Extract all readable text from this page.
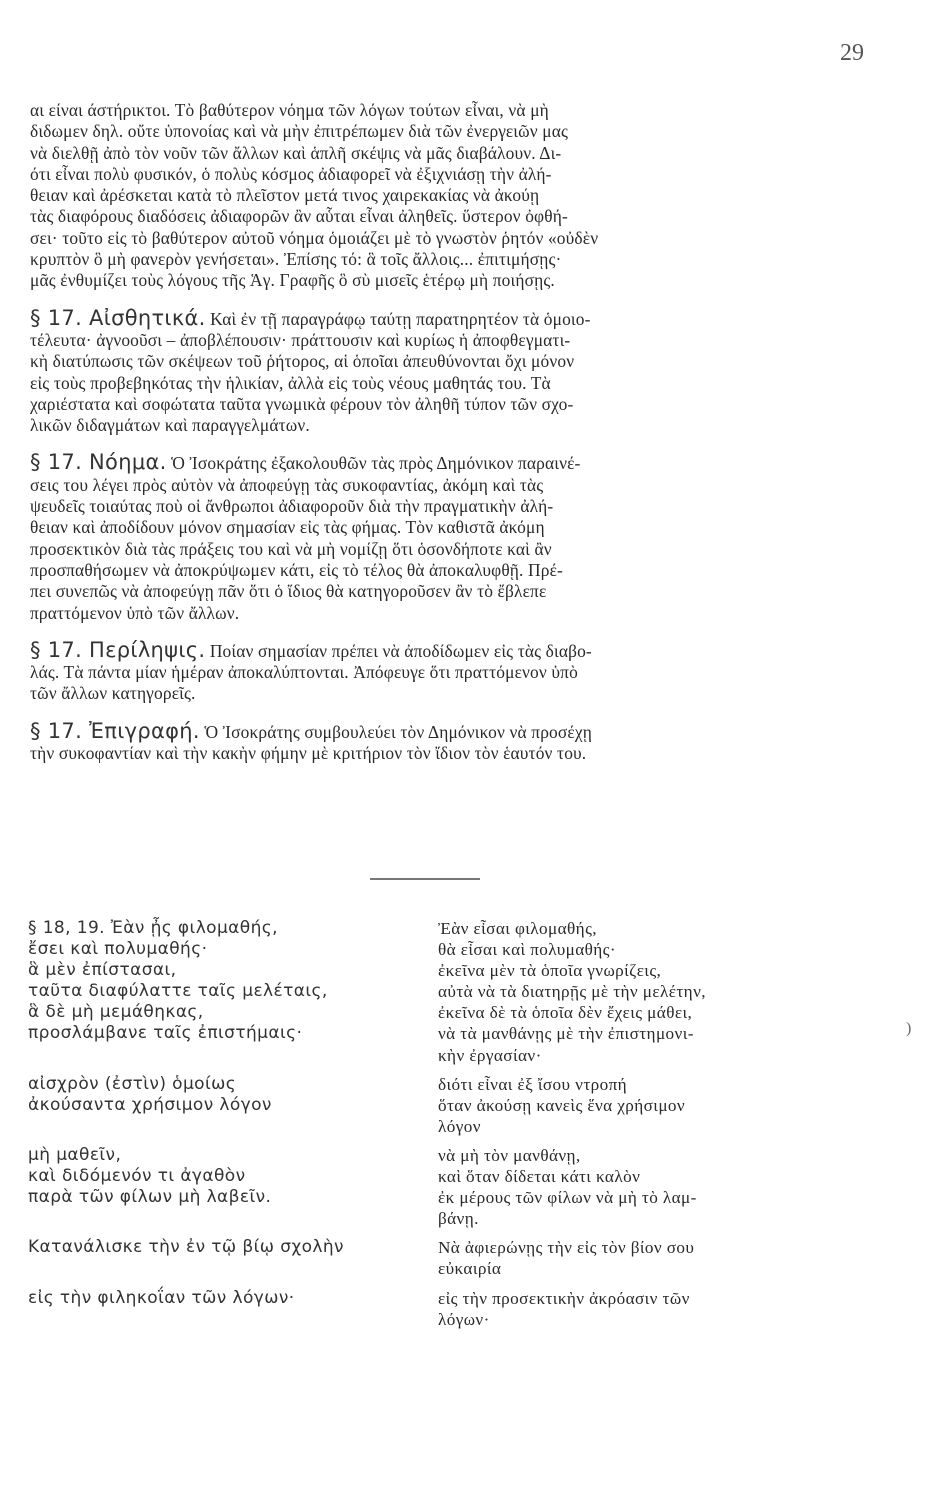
29
αι είναι άστήρικτοι. Τὸ βαθύτερον νόημα τῶν λόγων τούτων εἶναι, νὰ μὴ
διδωμεν δηλ. οὔτε ὑπονοίας καὶ νὰ μὴν ἐπιτρέπωμεν διὰ τῶν ἐνεργειῶν μας
νὰ διελθῇ ἀπὸ τὸν νοῦν τῶν ἄλλων καὶ ἁπλῆ σκέψις νὰ μᾶς διαβάλουν. Δι-
ότι εἶναι πολὺ φυσικόν, ὁ πολὺς κόσμος ἀδιαφορεῖ νὰ ἐξιχνιάσῃ τὴν ἀλή-
θειαν καὶ ἀρέσκεται κατὰ τὸ πλεῖστον μετά τινος χαιρεκακίας νὰ ἀκούῃ
τὰς διαφόρους διαδόσεις ἀδιαφορῶν ἂν αὗται εἶναι ἀληθεῖς. ὕστερον ὀφθή-
σει· τοῦτο εἰς τὸ βαθύτερον αὐτοῦ νόημα ὁμοιάζει μὲ τὸ γνωστὸν ῥητόν «οὐδὲν
κρυπτὸν ὃ μὴ φανερὸν γενήσεται». Ἐπίσης τό: ἃ τοῖς ἄλλοις... ἐπιτιμήσῃς·
μᾶς ἐνθυμίζει τοὺς λόγους τῆς Ἁγ. Γραφῆς ὃ σὺ μισεῖς ἑτέρῳ μὴ ποιήσῃς.
§ 17. Αἰσθητικά. Καὶ ἐν τῇ παραγράφῳ ταύτῃ παρατηρητέον τὰ ὁμοιο-
τέλευτα· ἀγνοοῦσι – ἀποβλέπουσιν· πράττουσιν καὶ κυρίως ἡ ἀποφθεγματι-
κὴ διατύπωσις τῶν σκέψεων τοῦ ῥήτορος, αἱ ὁποῖαι ἀπευθύνονται ὄχι μόνον
εἰς τοὺς προβεβηκότας τὴν ἡλικίαν, ἀλλὰ εἰς τοὺς νέους μαθητάς του. Τὰ
χαριέστατα καὶ σοφώτατα ταῦτα γνωμικὰ φέρουν τὸν ἀληθῆ τύπον τῶν σχο-
λικῶν διδαγμάτων καὶ παραγγελμάτων.
§ 17. Νόημα. Ὁ Ἰσοκράτης ἐξακολουθῶν τὰς πρὸς Δημόνικον παραινέ-
σεις του λέγει πρὸς αὐτὸν νὰ ἀποφεύγῃ τὰς συκοφαντίας, ἀκόμη καὶ τὰς
ψευδεῖς τοιαύτας ποὺ οἱ ἄνθρωποι ἀδιαφοροῦν διὰ τὴν πραγματικὴν ἀλή-
θειαν καὶ ἀποδίδουν μόνον σημασίαν εἰς τὰς φήμας. Τὸν καθιστᾶ ἀκόμη
προσεκτικὸν διὰ τὰς πράξεις του καὶ νὰ μὴ νομίζῃ ὅτι ὁσονδήποτε καὶ ἂν
προσπαθήσωμεν νὰ ἀποκρύψωμεν κάτι, εἰς τὸ τέλος θὰ ἀποκαλυφθῇ. Πρέ-
πει συνεπῶς νὰ ἀποφεύγῃ πᾶν ὅτι ὁ ἴδιος θὰ κατηγοροῦσεν ἂν τὸ ἔβλεπε
πραττόμενον ὑπὸ τῶν ἄλλων.
§ 17. Περίληψις. Ποίαν σημασίαν πρέπει νὰ ἀποδίδωμεν εἰς τὰς διαβο-
λάς. Τὰ πάντα μίαν ἡμέραν ἀποκαλύπτονται. Ἀπόφευγε ὅτι πραττόμενον ὑπὸ
τῶν ἄλλων κατηγορεῖς.
§ 17. Ἐπιγραφή. Ὁ Ἰσοκράτης συμβουλεύει τὸν Δημόνικον νὰ προσέχῃ
τὴν συκοφαντίαν καὶ τὴν κακὴν φήμην μὲ κριτήριον τὸν ἴδιον τὸν ἑαυτόν του.
§ 18, 19. Ἐὰν ᾖς φιλομαθής,
ἔσει καὶ πολυμαθής·
ἃ μὲν ἐπίστασαι,
ταῦτα διαφύλαττε ταῖς μελέταις,
ἃ δὲ μὴ μεμάθηκας,
προσλάμβανε ταῖς ἐπιστήμαις·
Ἐὰν εἶσαι φιλομαθής,
θὰ εἶσαι καὶ πολυμαθής·
ἐκεῖνα μὲν τὰ ὁποῖα γνωρίζεις,
αὐτὰ νὰ τὰ διατηρῇς μὲ τὴν μελέτην,
ἐκεῖνα δὲ τὰ ὁποῖα δὲν ἔχεις μάθει,
νὰ τὰ μανθάνῃς μὲ τὴν ἐπιστημονι-
κὴν ἐργασίαν·
αἰσχρὸν (ἐστὶν) ὁμοίως
ἀκούσαντα χρήσιμον λόγον
διότι εἶναι ἐξ ἴσου ντροπή
ὅταν ἀκούσῃ κανεὶς ἕνα χρήσιμον
λόγον
μὴ μαθεῖν,
καὶ διδόμενόν τι ἀγαθὸν
παρὰ τῶν φίλων μὴ λαβεῖν.
νὰ μὴ τὸν μανθάνῃ,
καὶ ὅταν δίδεται κάτι καλὸν
ἐκ μέρους τῶν φίλων νὰ μὴ τὸ λαμ-
βάνῃ.
Κατανάλισκε τὴν ἐν τῷ βίῳ σχολὴν	Νὰ ἀφιερώνῃς τὴν εἰς τὸν βίον σου
εὐκαιρία
εἰς τὴν φιληκοΐαν τῶν λόγων·	εἰς τὴν προσεκτικὴν ἀκρόασιν τῶν
λόγων·
)
